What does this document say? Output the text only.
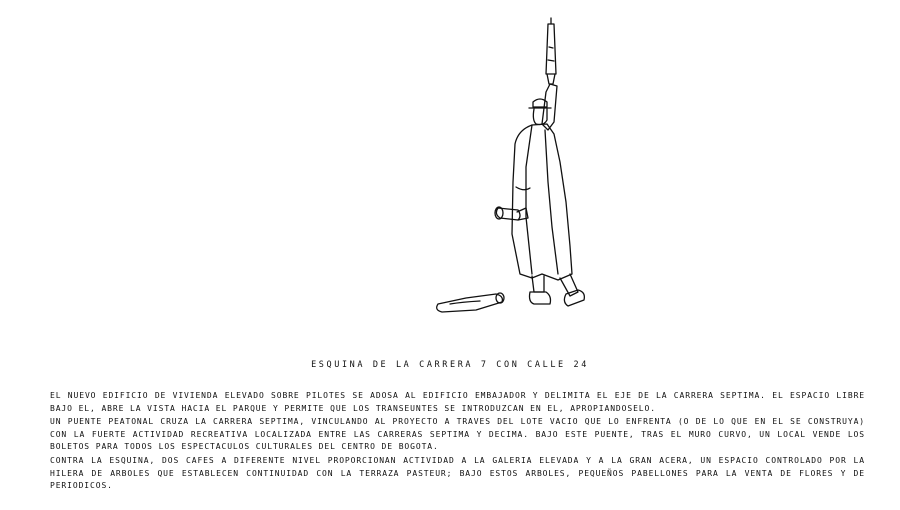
ESQUINA DE LA CARRERA 7 CON CALLE 24

EL NUEVO EDIFICIO DE VIVIENDA ELEVADO SOBRE PILOTES SE ADOSA AL EDIFICIO EMBAJADOR Y DELIMITA EL EJE DE LA CARRERA SEPTIMA. EL ESPACIO LIBRE BAJO EL, ABRE LA VISTA HACIA EL PARQUE Y PERMITE QUE LOS TRANSEUNTES SE INTRODUZCAN EN EL, APROPIANDOSELO.

UN PUENTE PEATONAL CRUZA LA CARRERA SEPTIMA, VINCULANDO AL PROYECTO A TRAVES DEL LOTE VACIO QUE LO ENFRENTA (O DE LO QUE EN EL SE CONSTRUYA) CON LA FUERTE ACTIVIDAD RECREATIVA LOCALIZADA ENTRE LAS CARRERAS SEPTIMA Y DECIMA. BAJO ESTE PUENTE, TRAS EL MURO CURVO, UN LOCAL VENDE LOS BOLETOS PARA TODOS LOS ESPECTACULOS CULTURALES DEL CENTRO DE BOGOTA.

CONTRA LA ESQUINA, DOS CAFES A DIFERENTE NIVEL PROPORCIONAN ACTIVIDAD A LA GALERIA ELEVADA Y A LA GRAN ACERA, UN ESPACIO CONTROLADO POR LA HILERA DE ARBOLES QUE ESTABLECEN CONTINUIDAD CON LA TERRAZA PASTEUR; BAJO ESTOS ARBOLES, PEQUEÑOS PABELLONES PARA LA VENTA DE FLORES Y DE PERIODICOS.
